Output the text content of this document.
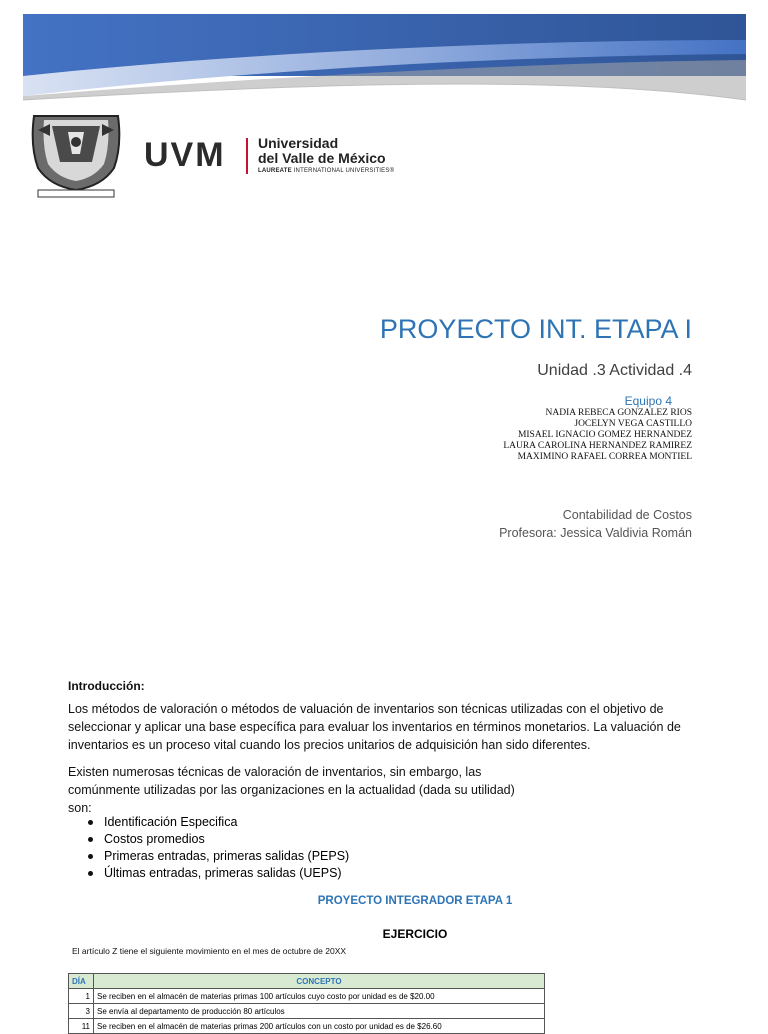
UVM Universidad
del Valle de México
LAUREATE INTERNATIONAL UNIVERSITIES®
PROYECTO INT. ETAPA I
Unidad .3 Actividad .4
Equipo 4
NADIA REBECA GONZALEZ RIOS
JOCELYN VEGA CASTILLO
MISAEL IGNACIO GOMEZ HERNANDEZ
LAURA CAROLINA HERNANDEZ RAMIREZ
MAXIMINO RAFAEL CORREA MONTIEL
Contabilidad de Costos
Profesora: Jessica Valdivia Román
Introducción:
Los métodos de valoración o métodos de valuación de inventarios son técnicas utilizadas con el objetivo de seleccionar y aplicar una base específica para evaluar los inventarios en términos monetarios. La valuación de inventarios es un proceso vital cuando los precios unitarios de adquisición han sido diferentes.
Existen numerosas técnicas de valoración de inventarios, sin embargo, las comúnmente utilizadas por las organizaciones en la actualidad (dada su utilidad) son:
Identificación Especifica
Costos promedios
Primeras entradas, primeras salidas (PEPS)
Últimas entradas, primeras salidas (UEPS)
PROYECTO INTEGRADOR ETAPA 1
EJERCICIO
El artículo Z tiene el siguiente movimiento en el mes de octubre de 20XX
DÍA	CONCEPTO
1	Se reciben en el almacén de materias primas 100 artículos cuyo costo por unidad es de $20.00
3	Se envía al departamento de producción 80 artículos
11	Se reciben en el almacén de materias primas 200 artículos con un costo por unidad es de $26.60
